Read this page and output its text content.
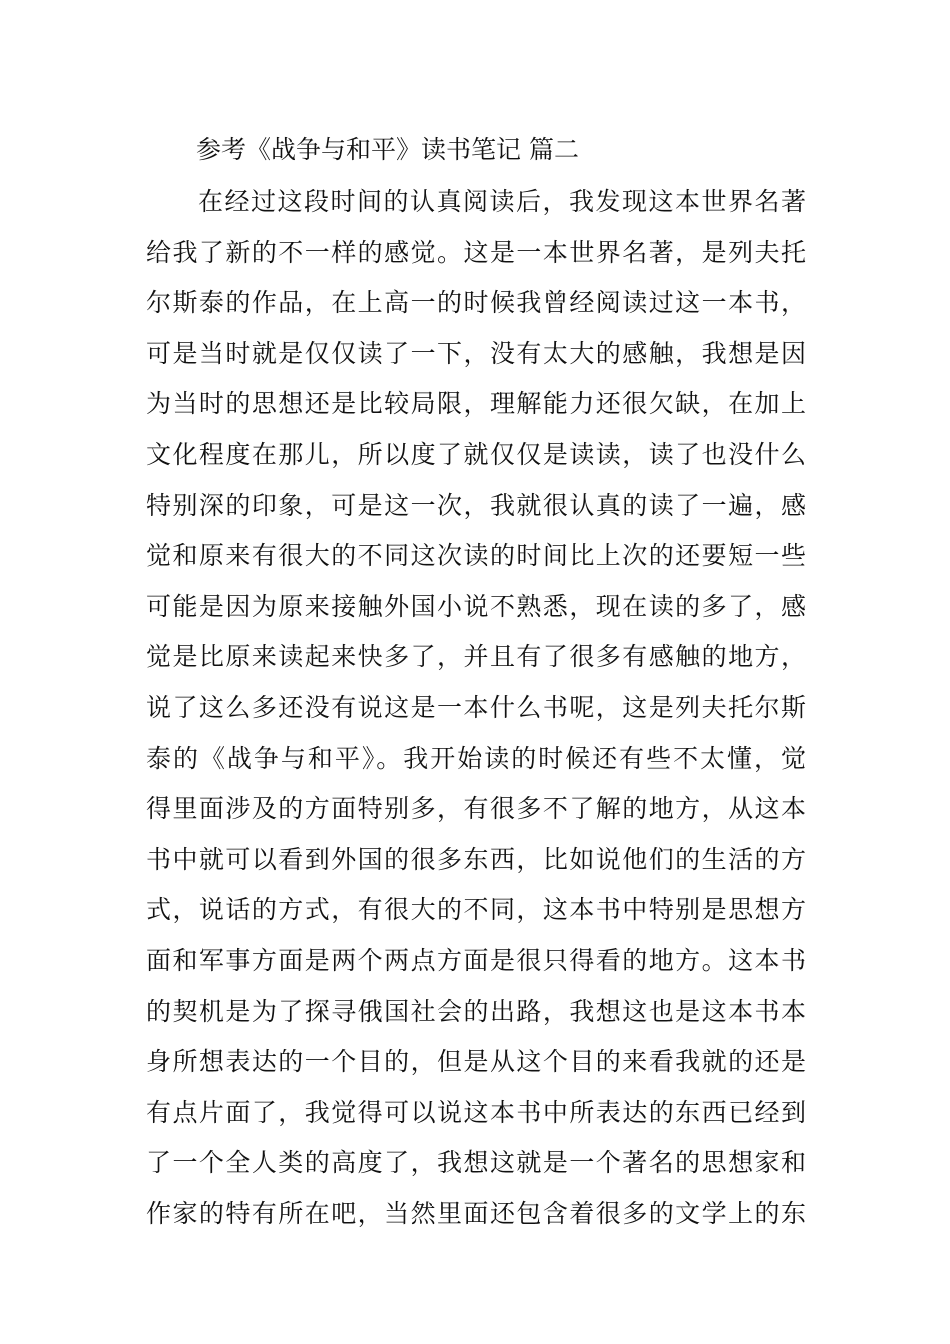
参考《战争与和平》读书笔记 篇二
在经过这段时间的认真阅读后，我发现这本世界名著
给我了新的不一样的感觉。这是一本世界名著，是列夫托
尔斯泰的作品，在上高一的时候我曾经阅读过这一本书，
可是当时就是仅仅读了一下，没有太大的感触，我想是因
为当时的思想还是比较局限，理解能力还很欠缺，在加上
文化程度在那儿，所以度了就仅仅是读读，读了也没什么
特别深的印象，可是这一次，我就很认真的读了一遍，感
觉和原来有很大的不同这次读的时间比上次的还要短一些
可能是因为原来接触外国小说不熟悉，现在读的多了，感
觉是比原来读起来快多了，并且有了很多有感触的地方，
说了这么多还没有说这是一本什么书呢，这是列夫托尔斯
泰的《战争与和平》。我开始读的时候还有些不太懂，觉
得里面涉及的方面特别多，有很多不了解的地方，从这本
书中就可以看到外国的很多东西，比如说他们的生活的方
式，说话的方式，有很大的不同，这本书中特别是思想方
面和军事方面是两个两点方面是很只得看的地方。这本书
的契机是为了探寻俄国社会的出路，我想这也是这本书本
身所想表达的一个目的，但是从这个目的来看我就的还是
有点片面了，我觉得可以说这本书中所表达的东西已经到
了一个全人类的高度了，我想这就是一个著名的思想家和
作家的特有所在吧，当然里面还包含着很多的文学上的东
